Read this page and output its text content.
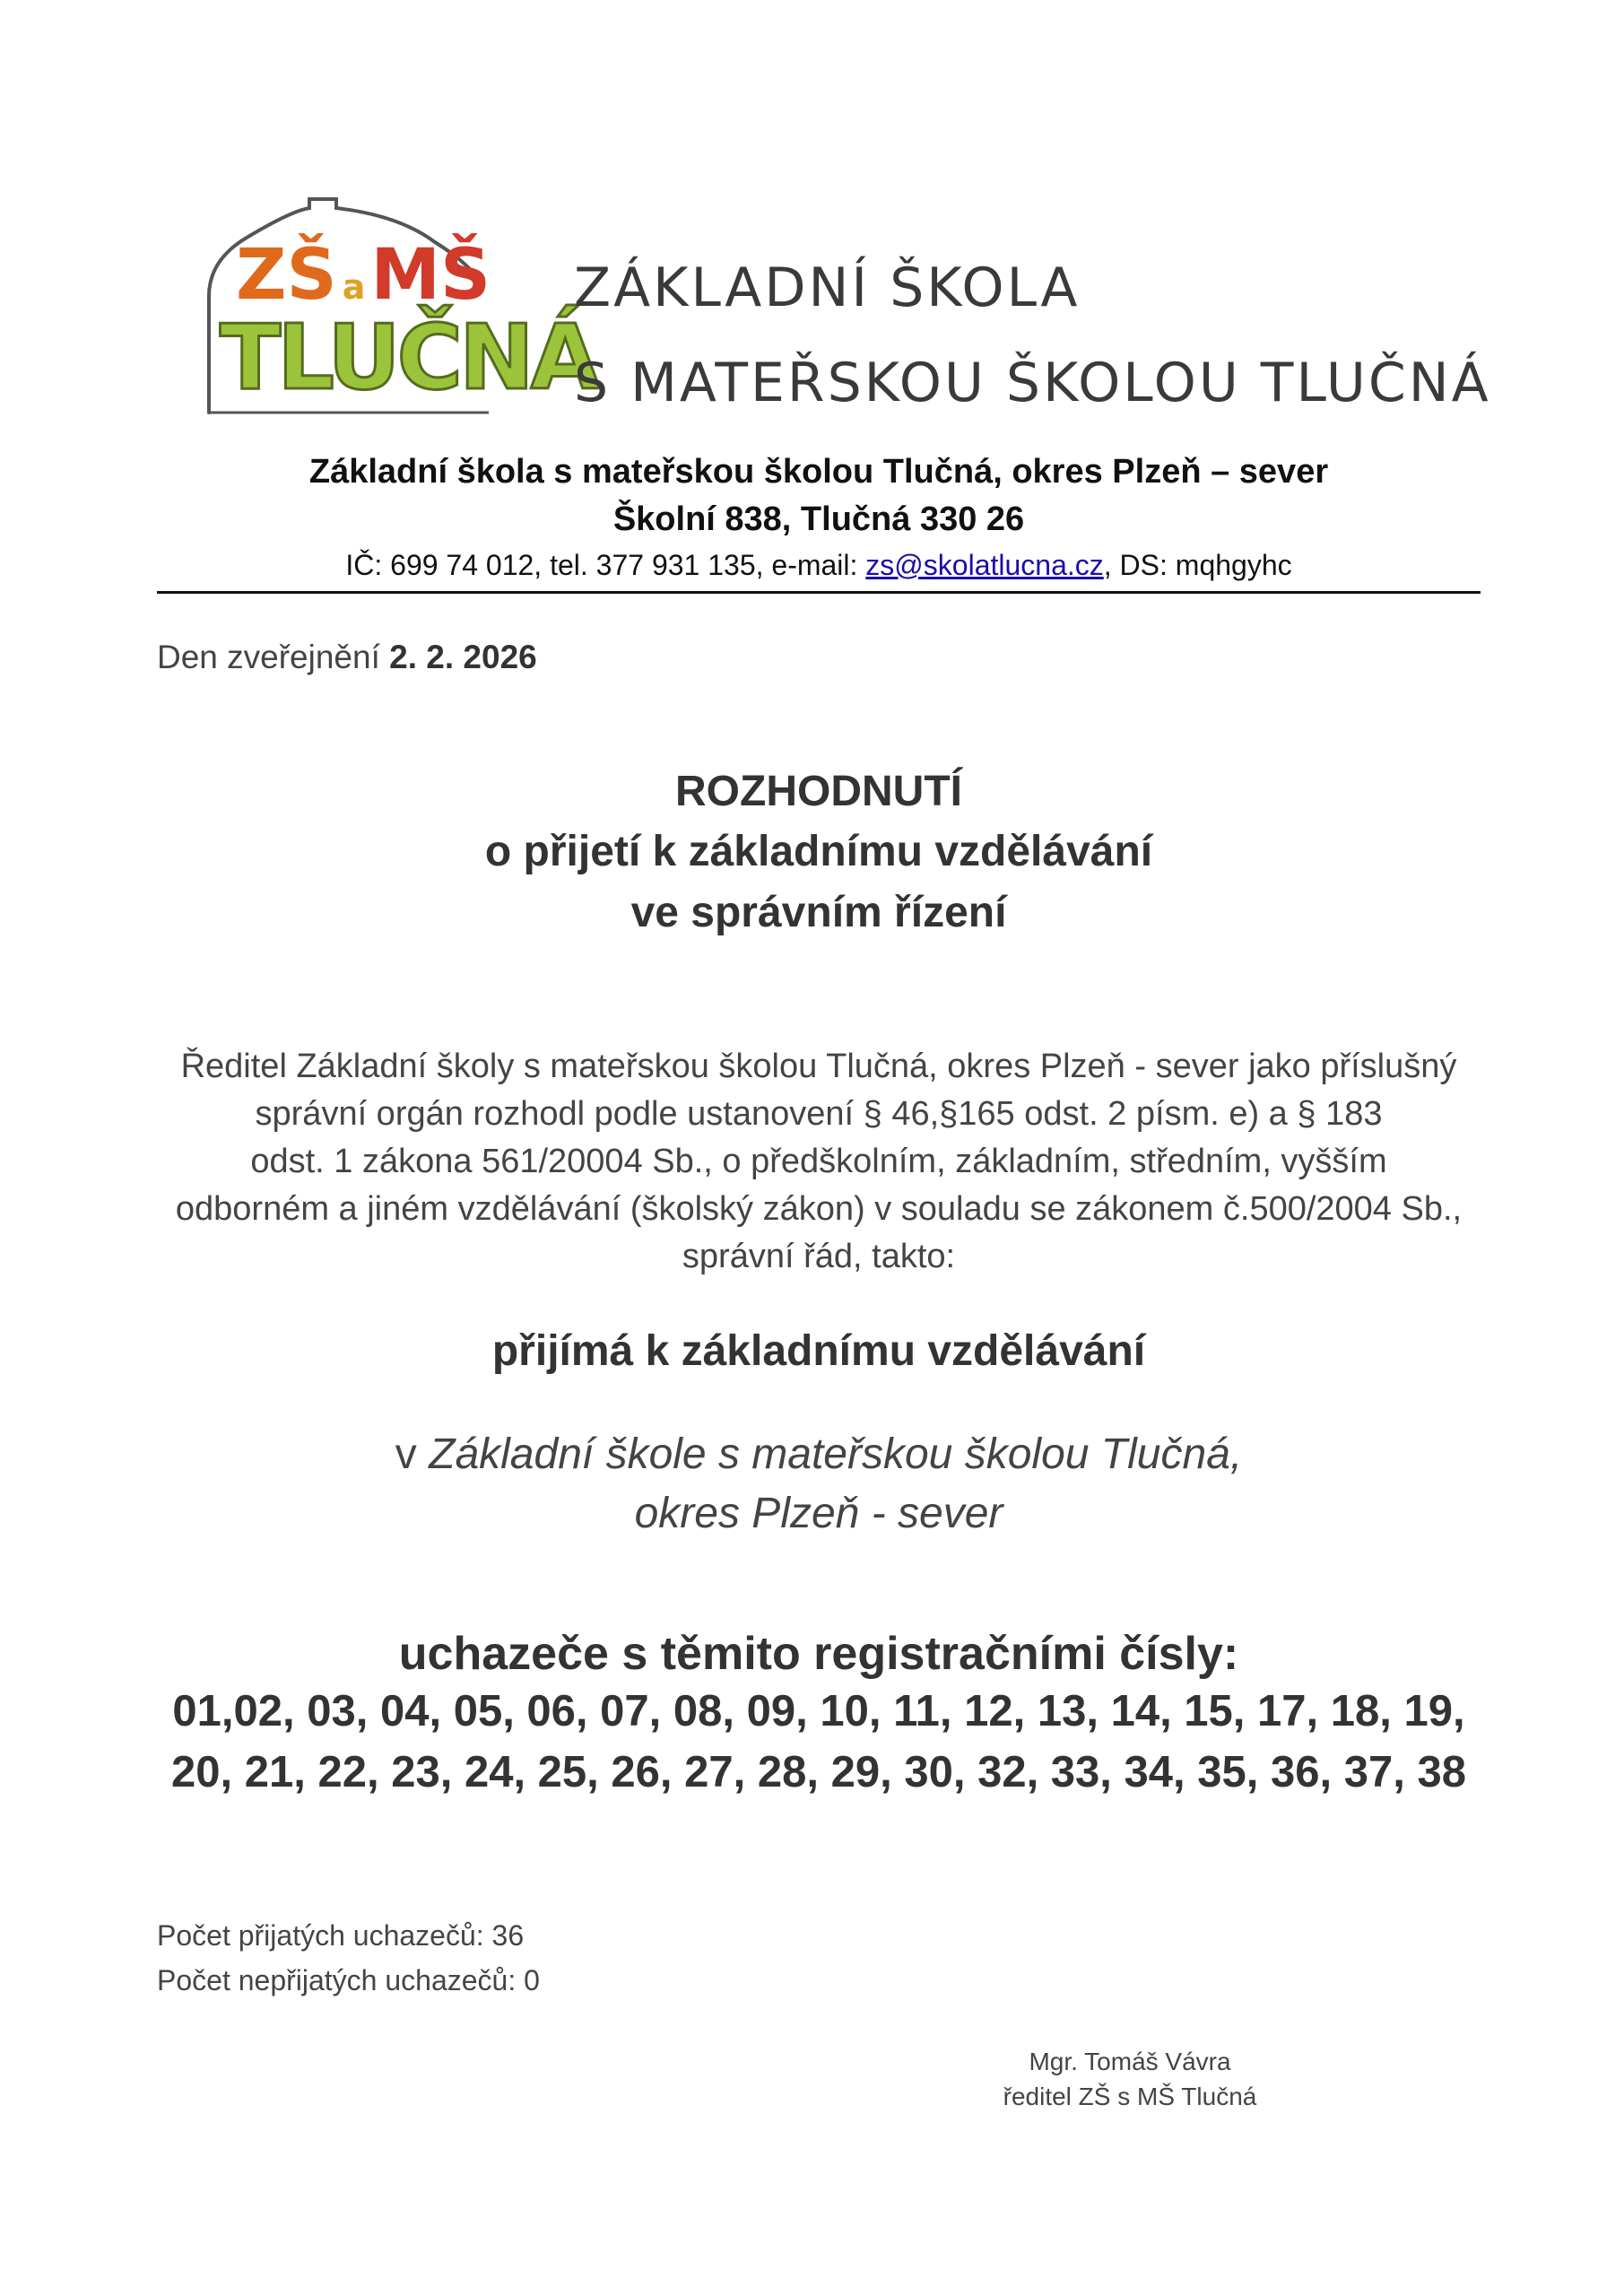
ZŠ aMŠ
TLUČNÁ
ZÁKLADNÍ ŠKOLA
S MATEŘSKOU ŠKOLOU TLUČNÁ
Základní škola s mateřskou školou Tlučná, okres Plzeň – sever
Školní 838, Tlučná 330 26
IČ: 699 74 012, tel. 377 931 135, e-mail: zs@skolatlucna.cz, DS: mqhgyhc
Den zveřejnění 2. 2. 2026
ROZHODNUTÍ
o přijetí k základnímu vzdělávání
ve správním řízení
Ředitel Základní školy s mateřskou školou Tlučná, okres Plzeň - sever jako příslušný
správní orgán rozhodl podle ustanovení § 46,§165 odst. 2 písm. e) a § 183
odst. 1 zákona 561/20004 Sb., o předškolním, základním, středním, vyšším
odborném a jiném vzdělávání (školský zákon) v souladu se zákonem č.500/2004 Sb.,
správní řád, takto:
přijímá k základnímu vzdělávání
v Základní škole s mateřskou školou Tlučná,
okres Plzeň - sever
uchazeče s těmito registračními čísly:
01,02, 03, 04, 05, 06, 07, 08, 09, 10, 11, 12, 13, 14, 15, 17, 18, 19,
20, 21, 22, 23, 24, 25, 26, 27, 28, 29, 30, 32, 33, 34, 35, 36, 37, 38
Počet přijatých uchazečů: 36
Počet nepřijatých uchazečů: 0
Mgr. Tomáš Vávra
ředitel ZŠ s MŠ Tlučná
